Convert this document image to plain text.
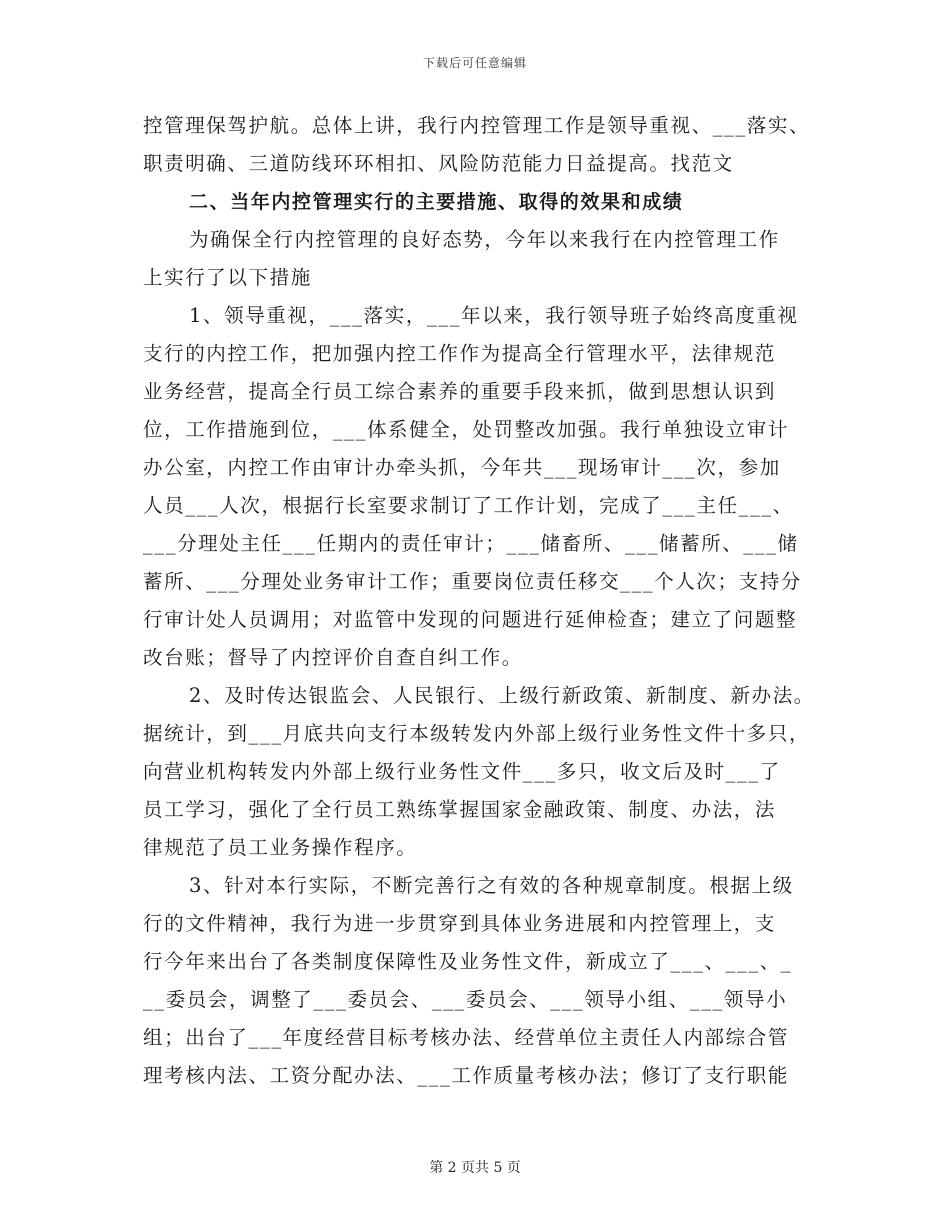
下载后可任意编辑
控管理保驾护航。总体上讲，我行内控管理工作是领导重视、___落实、
职责明确、三道防线环环相扣、风险防范能力日益提高。找范文
二、当年内控管理实行的主要措施、取得的效果和成绩
为确保全行内控管理的良好态势，今年以来我行在内控管理工作
上实行了以下措施
1、领导重视，___落实，___年以来，我行领导班子始终高度重视
支行的内控工作，把加强内控工作作为提高全行管理水平，法律规范
业务经营，提高全行员工综合素养的重要手段来抓，做到思想认识到
位，工作措施到位，___体系健全，处罚整改加强。我行单独设立审计
办公室，内控工作由审计办牵头抓，今年共___现场审计___次，参加
人员___人次，根据行长室要求制订了工作计划，完成了___主任___、
___分理处主任___任期内的责任审计；___储畜所、___储蓄所、___储
蓄所、___分理处业务审计工作；重要岗位责任移交___个人次；支持分
行审计处人员调用；对监管中发现的问题进行延伸检查；建立了问题整
改台账；督导了内控评价自查自纠工作。
2、及时传达银监会、人民银行、上级行新政策、新制度、新办法。
据统计，到___月底共向支行本级转发内外部上级行业务性文件十多只，
向营业机构转发内外部上级行业务性文件___多只，收文后及时___了
员工学习，强化了全行员工熟练掌握国家金融政策、制度、办法，法
律规范了员工业务操作程序。
3、针对本行实际，不断完善行之有效的各种规章制度。根据上级
行的文件精神，我行为进一步贯穿到具体业务进展和内控管理上，支
行今年来出台了各类制度保障性及业务性文件，新成立了___、___、_
__委员会，调整了___委员会、___委员会、___领导小组、___领导小
组；出台了___年度经营目标考核办法、经营单位主责任人内部综合管
理考核内法、工资分配办法、___工作质量考核办法；修订了支行职能
第 2 页共 5 页
